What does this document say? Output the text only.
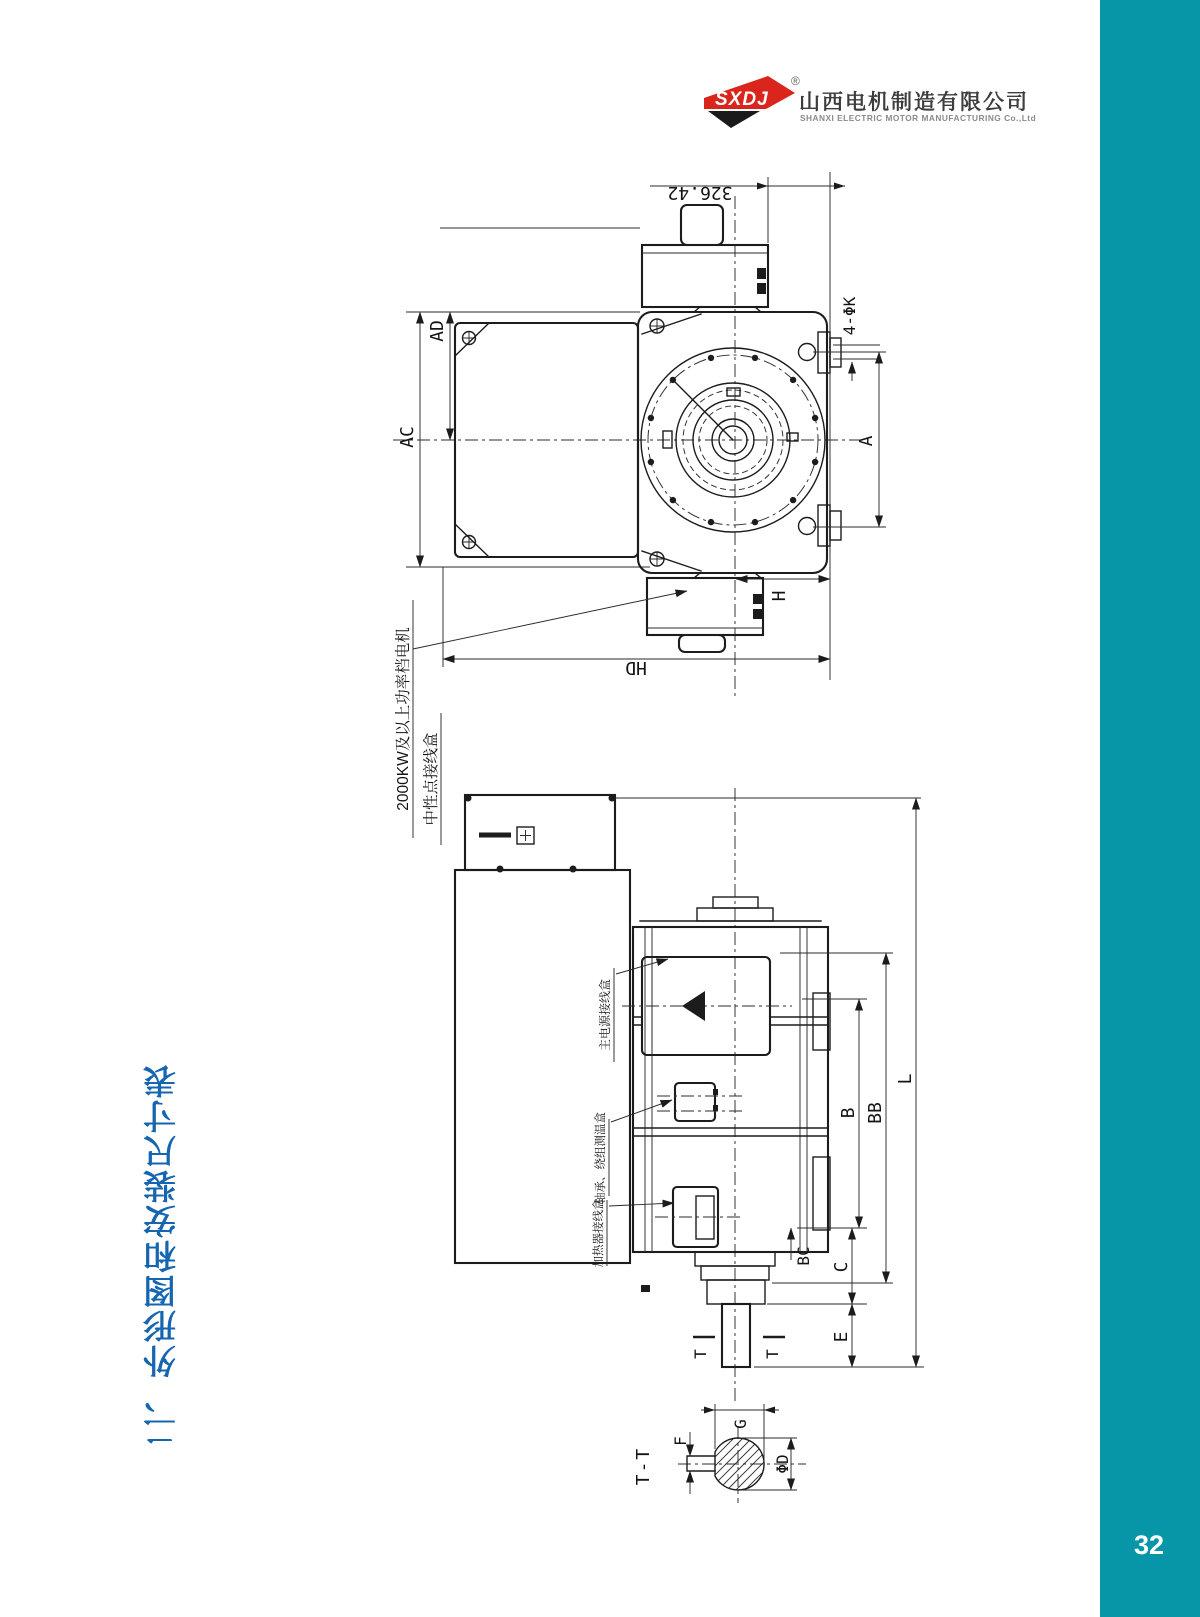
32
SXDJ
®
山西电机制造有限公司
SHANXI ELECTRIC MOTOR MANUFACTURING Co.,Ltd
二、外形图和安装尺寸表
326.42
AC
AD	4-ΦK
A
H
HD
2000KW及以上功率档电机 中性点接线盒
主电源接线盒
轴承、绕组测温盒
加热器接线盒
B BB
L
BC
C
E
T	T
G
F
ΦD
T-T
